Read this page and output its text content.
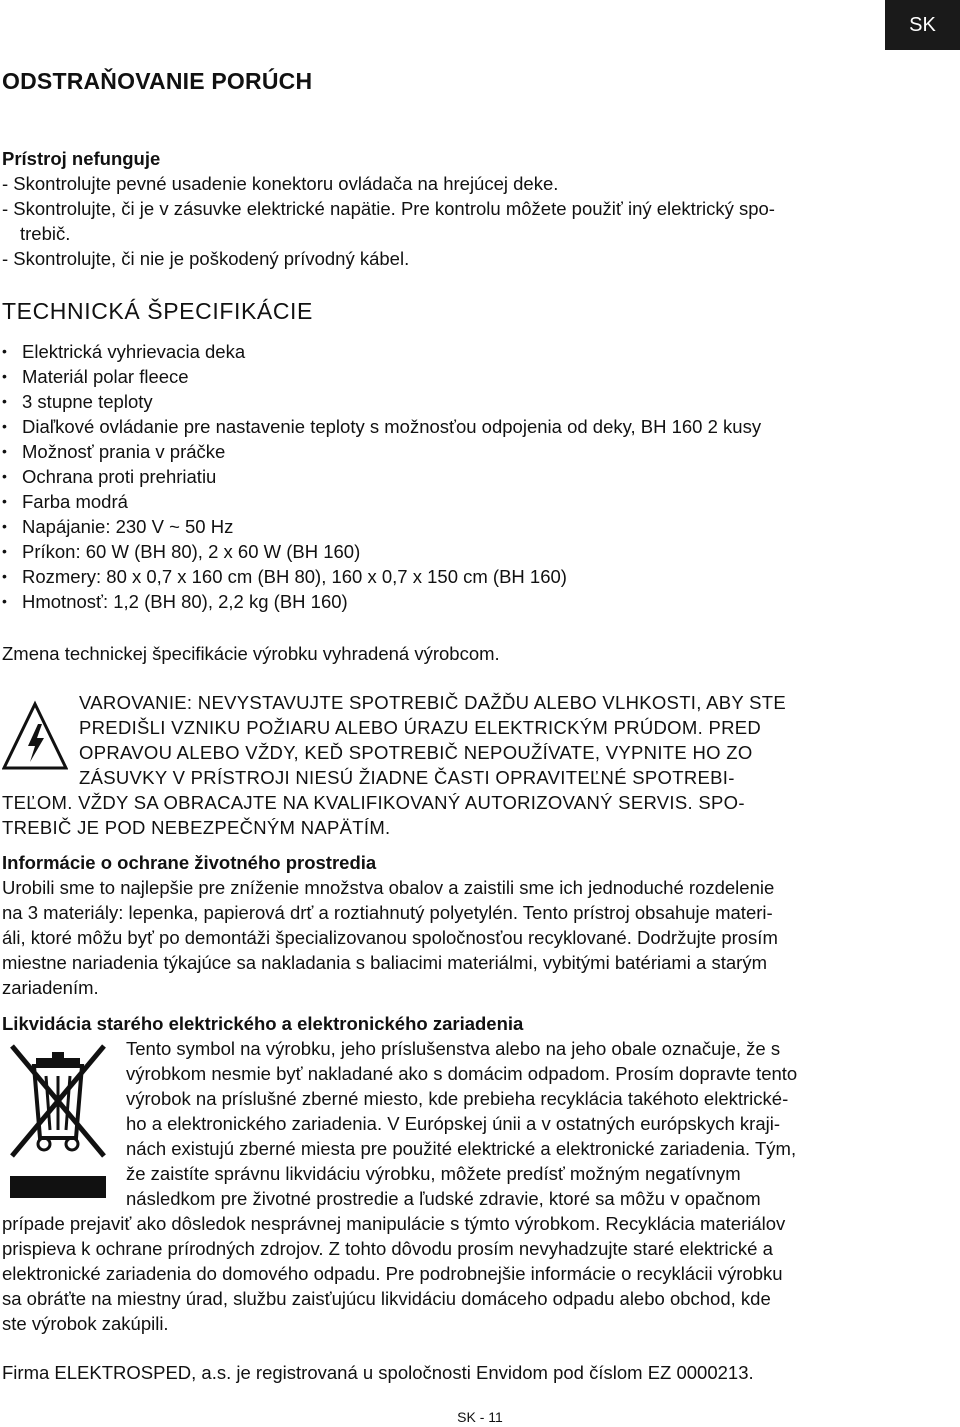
SK
ODSTRAŇOVANIE PORÚCH
Prístroj nefunguje
- Skontrolujte pevné usadenie konektoru ovládača na hrejúcej deke.
- Skontrolujte, či je v zásuvke elektrické napätie. Pre kontrolu môžete použiť iný elektrický spo-
trebič.
- Skontrolujte, či nie je poškodený prívodný kábel.
TECHNICKÁ ŠPECIFIKÁCIE
• Elektrická vyhrievacia deka
• Materiál polar fleece
• 3 stupne teploty
• Diaľkové ovládanie pre nastavenie teploty s možnosťou odpojenia od deky, BH 160 2 kusy
• Možnosť prania v práčke
• Ochrana proti prehriatiu
• Farba modrá
• Napájanie: 230 V ~ 50 Hz
• Príkon: 60 W (BH 80), 2 x 60 W (BH 160)
• Rozmery: 80 x 0,7 x 160 cm (BH 80), 160 x 0,7 x 150 cm (BH 160)
• Hmotnosť: 1,2 (BH 80), 2,2 kg (BH 160)
Zmena technickej špecifikácie výrobku vyhradená výrobcom.
VAROVANIE: NEVYSTAVUJTE SPOTREBIČ DAŽĎU ALEBO VLHKOSTI, ABY STE
PREDIŠLI VZNIKU POŽIARU ALEBO ÚRAZU ELEKTRICKÝM PRÚDOM. PRED
OPRAVOU ALEBO VŽDY, KEĎ SPOTREBIČ NEPOUŽÍVATE, VYPNITE HO ZO
ZÁSUVKY V PRÍSTROJI NIESÚ ŽIADNE ČASTI OPRAVITEĽNÉ SPOTREBI-
TEĽOM. VŽDY SA OBRACAJTE NA KVALIFIKOVANÝ AUTORIZOVANÝ SERVIS. SPO-
TREBIČ JE POD NEBEZPEČNÝM NAPÄTÍM.
Informácie o ochrane životného prostredia
Urobili sme to najlepšie pre zníženie množstva obalov a zaistili sme ich jednoduché rozdelenie
na 3 materiály: lepenka, papierová drť a roztiahnutý polyetylén. Tento prístroj obsahuje materi-
áli, ktoré môžu byť po demontáži špecializovanou spoločnosťou recyklované. Dodržujte prosím
miestne nariadenia týkajúce sa nakladania s baliacimi materiálmi, vybitými batériami a starým
zariadením.
Likvidácia starého elektrického a elektronického zariadenia
Tento symbol na výrobku, jeho príslušenstva alebo na jeho obale označuje, že s
výrobkom nesmie byť nakladané ako s domácim odpadom. Prosím dopravte tento
výrobok na príslušné zberné miesto, kde prebieha recyklácia takéhoto elektrické-
ho a elektronického zariadenia. V Európskej únii a v ostatných európskych kraji-
nách existujú zberné miesta pre použité elektrické a elektronické zariadenia. Tým,
že zaistíte správnu likvidáciu výrobku, môžete predísť možným negatívnym
následkom pre životné prostredie a ľudské zdravie, ktoré sa môžu v opačnom
prípade prejaviť ako dôsledok nesprávnej manipulácie s týmto výrobkom. Recyklácia materiálov
prispieva k ochrane prírodných zdrojov. Z tohto dôvodu prosím nevyhadzujte staré elektrické a
elektronické zariadenia do domového odpadu. Pre podrobnejšie informácie o recyklácii výrobku
sa obráťte na miestny úrad, službu zaisťujúcu likvidáciu domáceho odpadu alebo obchod, kde
ste výrobok zakúpili.
Firma ELEKTROSPED, a.s. je registrovaná u spoločnosti Envidom pod číslom EZ 0000213.
SK - 11
